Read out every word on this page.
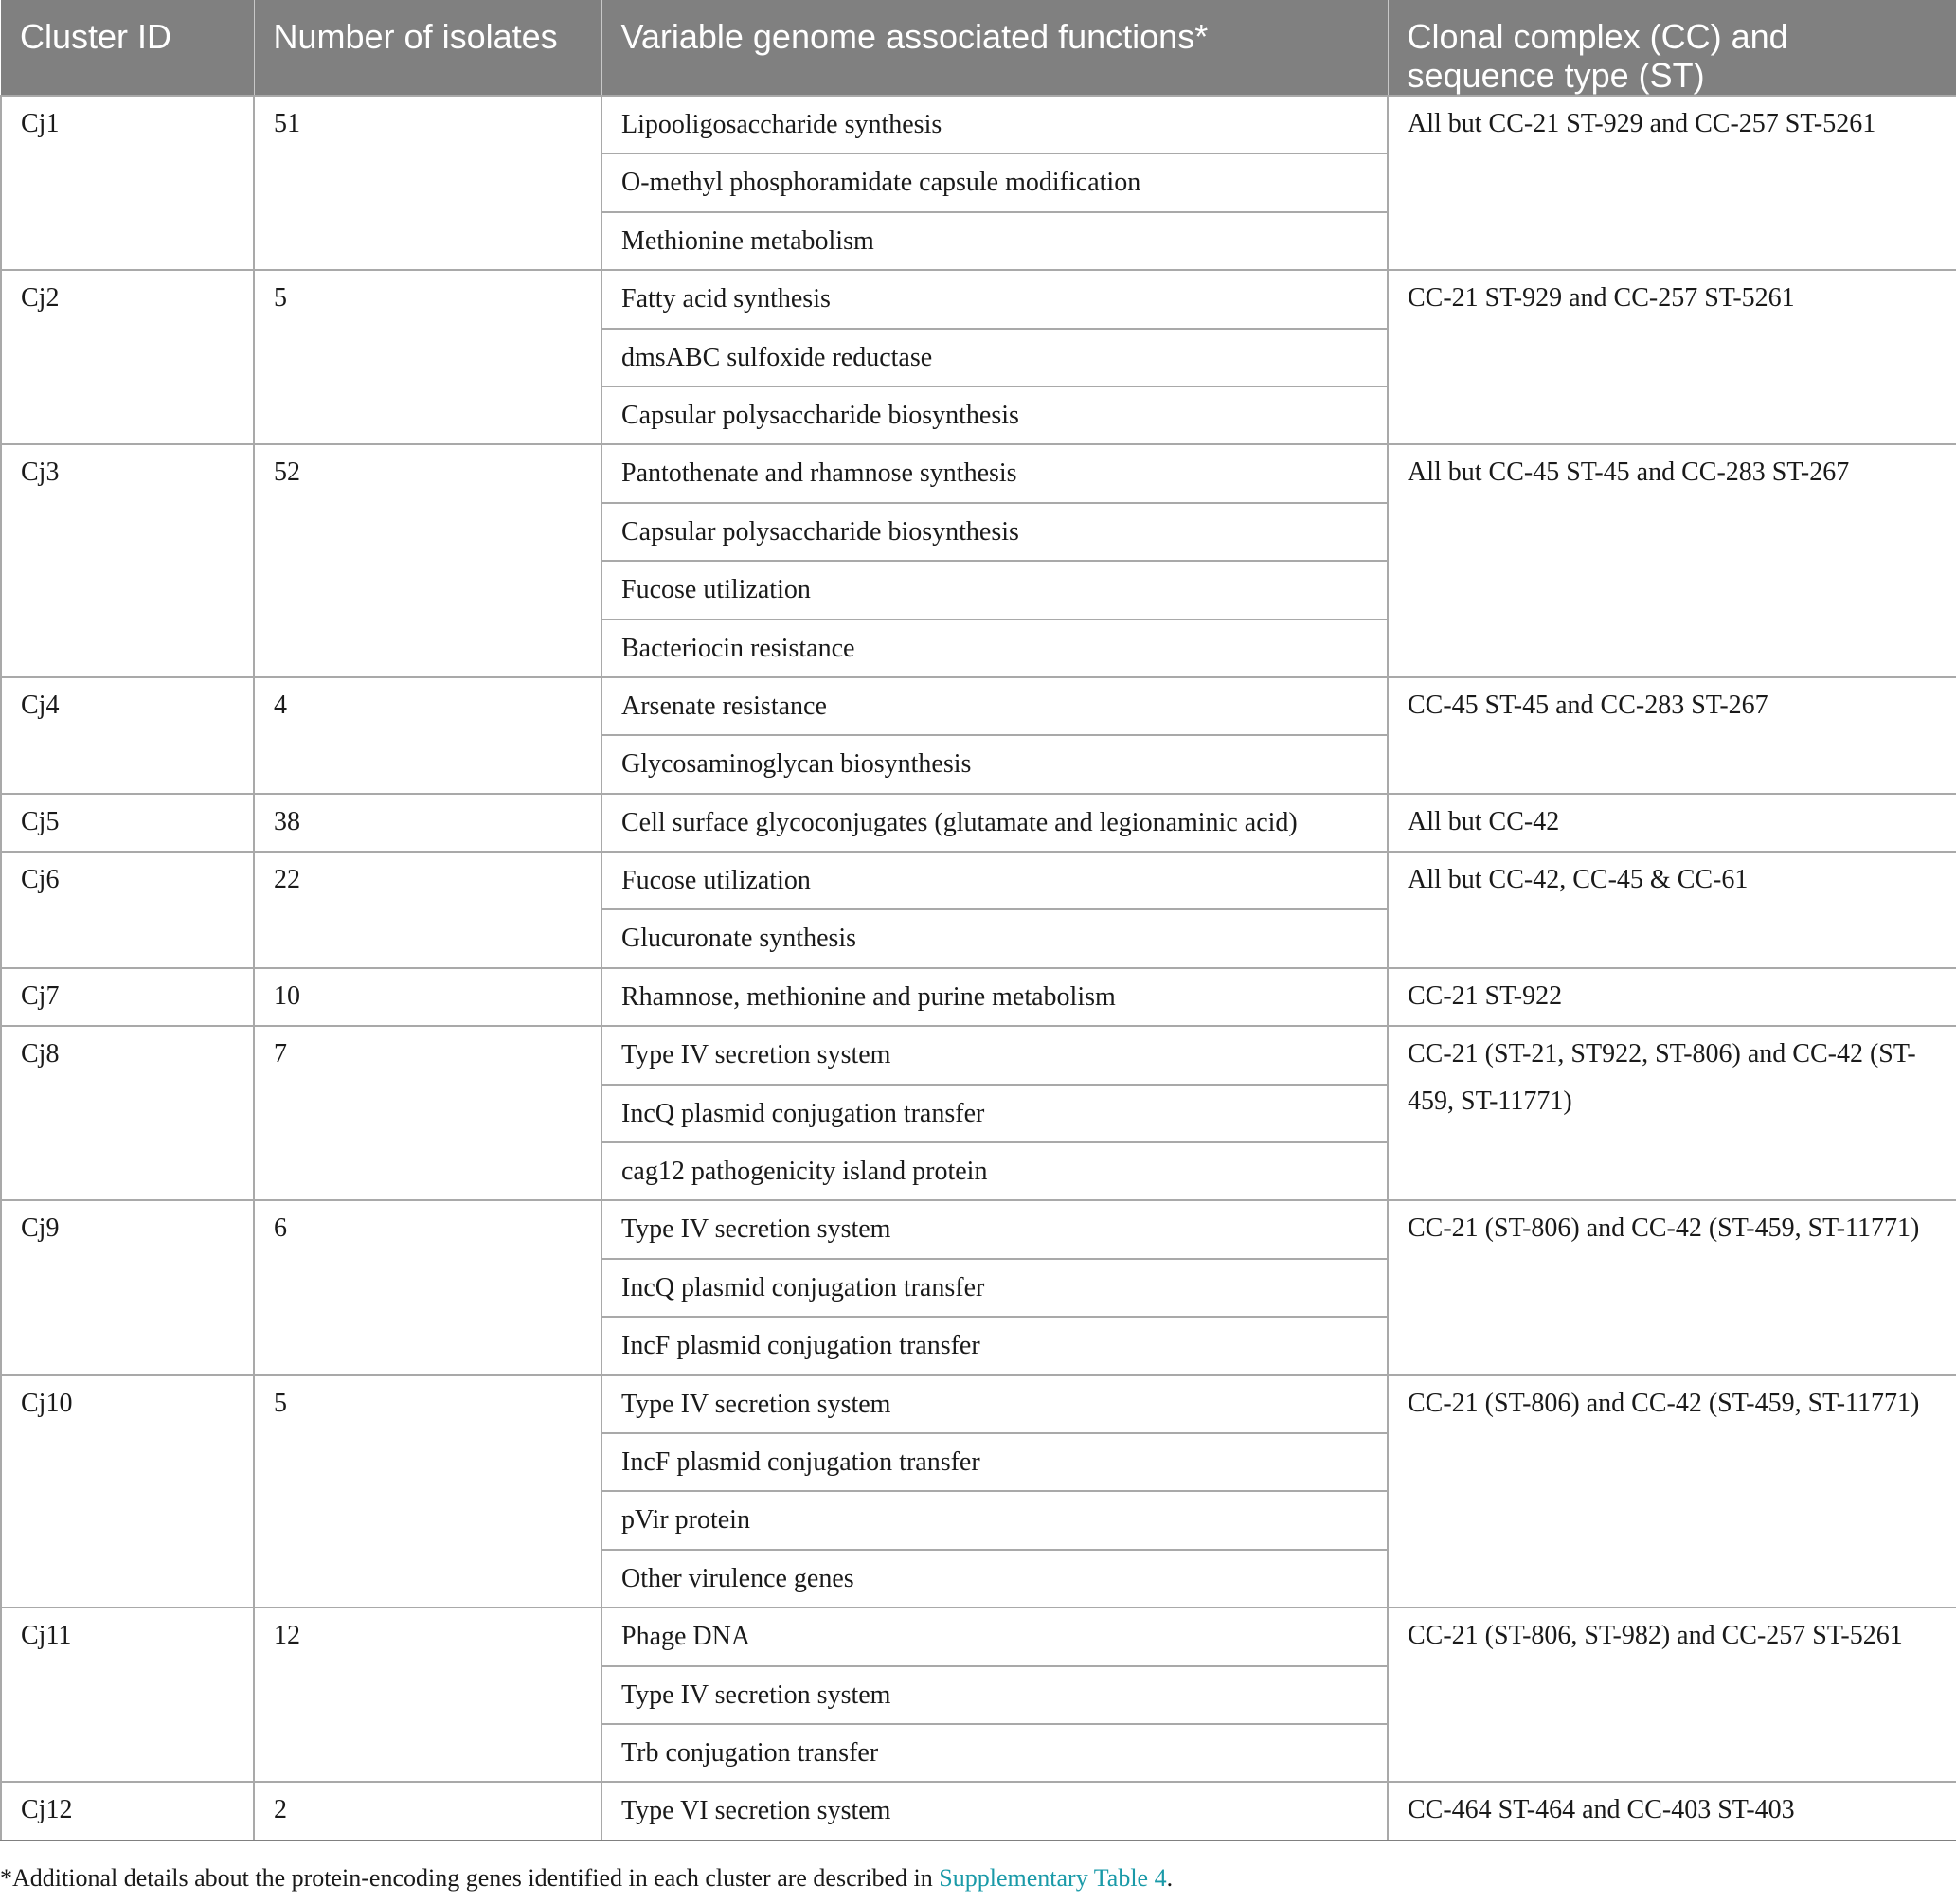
Cluster ID	Number of isolates	Variable genome associated functions*	Clonal complex (CC) and sequence type (ST)
Cj1	51	Lipooligosaccharide synthesis	All but CC-21 ST-929 and CC-257 ST-5261
		O-methyl phosphoramidate capsule modification	
		Methionine metabolism	
Cj2	5	Fatty acid synthesis	CC-21 ST-929 and CC-257 ST-5261
		dmsABC sulfoxide reductase	
		Capsular polysaccharide biosynthesis	
Cj3	52	Pantothenate and rhamnose synthesis	All but CC-45 ST-45 and CC-283 ST-267
		Capsular polysaccharide biosynthesis	
		Fucose utilization	
		Bacteriocin resistance	
Cj4	4	Arsenate resistance	CC-45 ST-45 and CC-283 ST-267
		Glycosaminoglycan biosynthesis	
Cj5	38	Cell surface glycoconjugates (glutamate and legionaminic acid)	All but CC-42
Cj6	22	Fucose utilization	All but CC-42, CC-45 & CC-61
		Glucuronate synthesis	
Cj7	10	Rhamnose, methionine and purine metabolism	CC-21 ST-922
Cj8	7	Type IV secretion system	CC-21 (ST-21, ST922, ST-806) and CC-42 (ST-459, ST-11771)
		IncQ plasmid conjugation transfer	
		cag12 pathogenicity island protein	
Cj9	6	Type IV secretion system	CC-21 (ST-806) and CC-42 (ST-459, ST-11771)
		IncQ plasmid conjugation transfer	
		IncF plasmid conjugation transfer	
Cj10	5	Type IV secretion system	CC-21 (ST-806) and CC-42 (ST-459, ST-11771)
		IncF plasmid conjugation transfer	
		pVir protein	
		Other virulence genes	
Cj11	12	Phage DNA	CC-21 (ST-806, ST-982) and CC-257 ST-5261
		Type IV secretion system	
		Trb conjugation transfer	
Cj12	2	Type VI secretion system	CC-464 ST-464 and CC-403 ST-403
*Additional details about the protein-encoding genes identified in each cluster are described in Supplementary Table 4.
